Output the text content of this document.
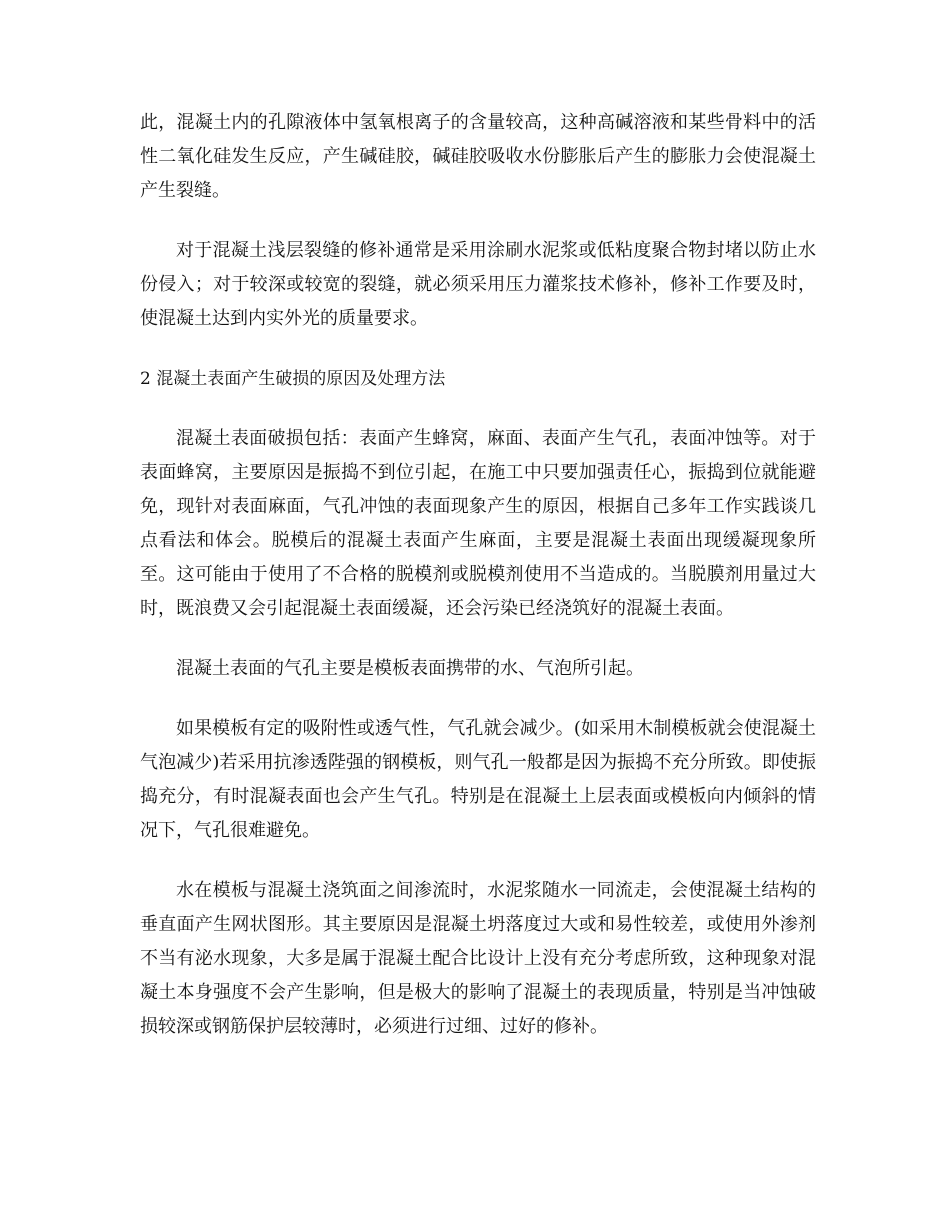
此，混凝土内的孔隙液体中氢氧根离子的含量较高，这种高碱溶液和某些骨料中的活性二氧化硅发生反应，产生碱硅胶，碱硅胶吸收水份膨胀后产生的膨胀力会使混凝土产生裂缝。

对于混凝土浅层裂缝的修补通常是采用涂刷水泥浆或低粘度聚合物封堵以防止水份侵入；对于较深或较宽的裂缝，就必须采用压力灌浆技术修补，修补工作要及时，使混凝土达到内实外光的质量要求。

2 混凝土表面产生破损的原因及处理方法

混凝土表面破损包括：表面产生蜂窝，麻面、表面产生气孔，表面冲蚀等。对于表面蜂窝，主要原因是振捣不到位引起，在施工中只要加强责任心，振捣到位就能避免，现针对表面麻面，气孔冲蚀的表面现象产生的原因，根据自己多年工作实践谈几点看法和体会。脱模后的混凝土表面产生麻面，主要是混凝土表面出现缓凝现象所至。这可能由于使用了不合格的脱模剂或脱模剂使用不当造成的。当脱膜剂用量过大时，既浪费又会引起混凝土表面缓凝，还会污染已经浇筑好的混凝土表面。

混凝土表面的气孔主要是模板表面携带的水、气泡所引起。

如果模板有定的吸附性或透气性，气孔就会减少。(如采用木制模板就会使混凝土气泡减少)若采用抗渗透陛强的钢模板，则气孔一般都是因为振捣不充分所致。即使振捣充分，有时混凝表面也会产生气孔。特别是在混凝土上层表面或模板向内倾斜的情况下，气孔很难避免。

水在模板与混凝土浇筑面之间渗流时，水泥浆随水一同流走，会使混凝土结构的垂直面产生网状图形。其主要原因是混凝土坍落度过大或和易性较差，或使用外渗剂不当有泌水现象，大多是属于混凝土配合比设计上没有充分考虑所致，这种现象对混凝土本身强度不会产生影响，但是极大的影响了混凝土的表现质量，特别是当冲蚀破损较深或钢筋保护层较薄时，必须进行过细、过好的修补。
